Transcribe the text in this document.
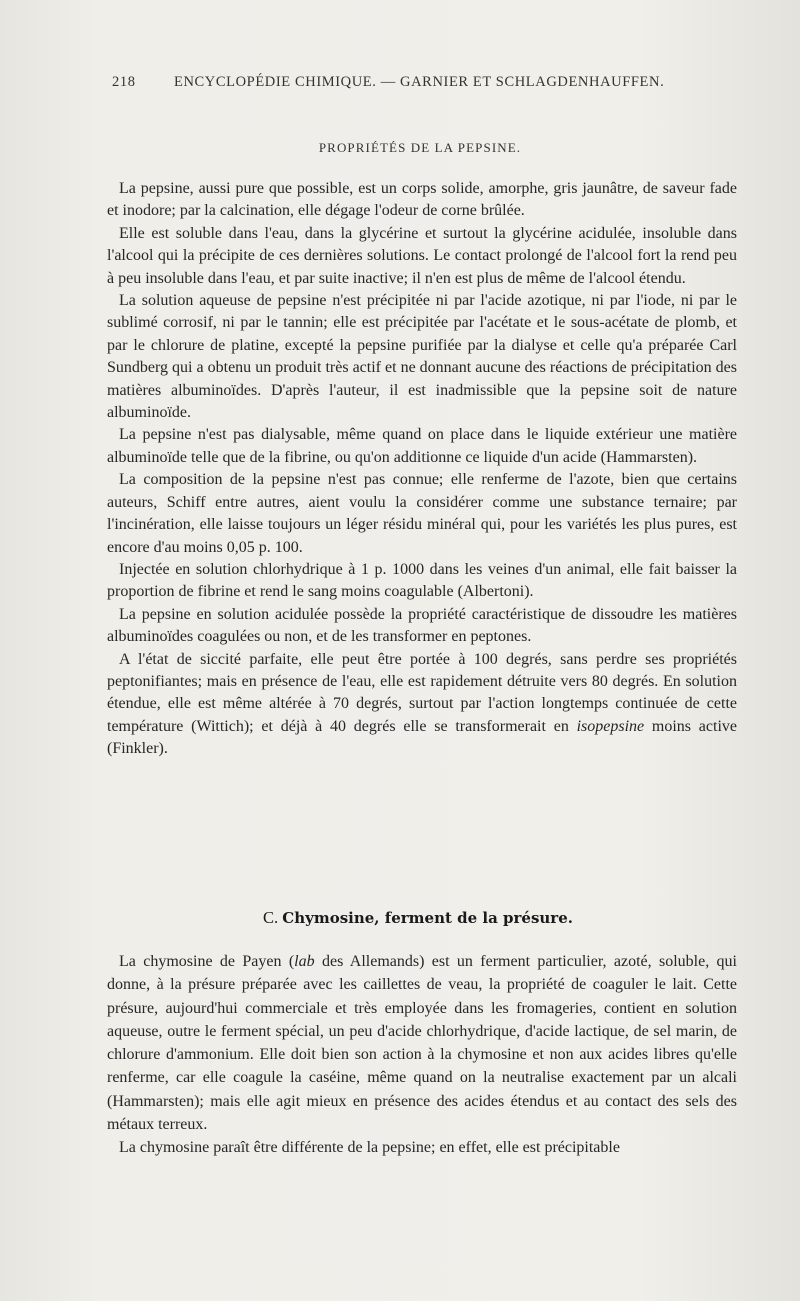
218	ENCYCLOPÉDIE CHIMIQUE. — GARNIER ET SCHLAGDENHAUFFEN.
PROPRIÉTÉS DE LA PEPSINE.

La pepsine, aussi pure que possible, est un corps solide, amorphe, gris jaunâtre, de saveur fade et inodore; par la calcination, elle dégage l'odeur de corne brûlée.

Elle est soluble dans l'eau, dans la glycérine et surtout la glycérine acidulée, insoluble dans l'alcool qui la précipite de ces dernières solutions. Le contact prolongé de l'alcool fort la rend peu à peu insoluble dans l'eau, et par suite inactive; il n'en est plus de même de l'alcool étendu.

La solution aqueuse de pepsine n'est précipitée ni par l'acide azotique, ni par l'iode, ni par le sublimé corrosif, ni par le tannin; elle est précipitée par l'acétate et le sous-acétate de plomb, et par le chlorure de platine, excepté la pepsine purifiée par la dialyse et celle qu'a préparée Carl Sundberg qui a obtenu un produit très actif et ne donnant aucune des réactions de précipitation des matières albuminoïdes. D'après l'auteur, il est inadmissible que la pepsine soit de nature albuminoïde.

La pepsine n'est pas dialysable, même quand on place dans le liquide extérieur une matière albuminoïde telle que de la fibrine, ou qu'on additionne ce liquide d'un acide (Hammarsten).

La composition de la pepsine n'est pas connue; elle renferme de l'azote, bien que certains auteurs, Schiff entre autres, aient voulu la considérer comme une substance ternaire; par l'incinération, elle laisse toujours un léger résidu minéral qui, pour les variétés les plus pures, est encore d'au moins 0,05 p. 100.

Injectée en solution chlorhydrique à 1 p. 1000 dans les veines d'un animal, elle fait baisser la proportion de fibrine et rend le sang moins coagulable (Albertoni).

La pepsine en solution acidulée possède la propriété caractéristique de dissoudre les matières albuminoïdes coagulées ou non, et de les transformer en peptones.

A l'état de siccité parfaite, elle peut être portée à 100 degrés, sans perdre ses propriétés peptonifiantes; mais en présence de l'eau, elle est rapidement détruite vers 80 degrés. En solution étendue, elle est même altérée à 70 degrés, surtout par l'action longtemps continuée de cette température (Wittich); et déjà à 40 degrés elle se transformerait en isopepsine moins active (Finkler).

C. Chymosine, ferment de la présure.

La chymosine de Payen (lab des Allemands) est un ferment particulier, azoté, soluble, qui donne, à la présure préparée avec les caillettes de veau, la propriété de coaguler le lait. Cette présure, aujourd'hui commerciale et très employée dans les fromageries, contient en solution aqueuse, outre le ferment spécial, un peu d'acide chlorhydrique, d'acide lactique, de sel marin, de chlorure d'ammonium. Elle doit bien son action à la chymosine et non aux acides libres qu'elle renferme, car elle coagule la caséine, même quand on la neutralise exactement par un alcali (Hammarsten); mais elle agit mieux en présence des acides étendus et au contact des sels des métaux terreux.

La chymosine paraît être différente de la pepsine; en effet, elle est précipitable
